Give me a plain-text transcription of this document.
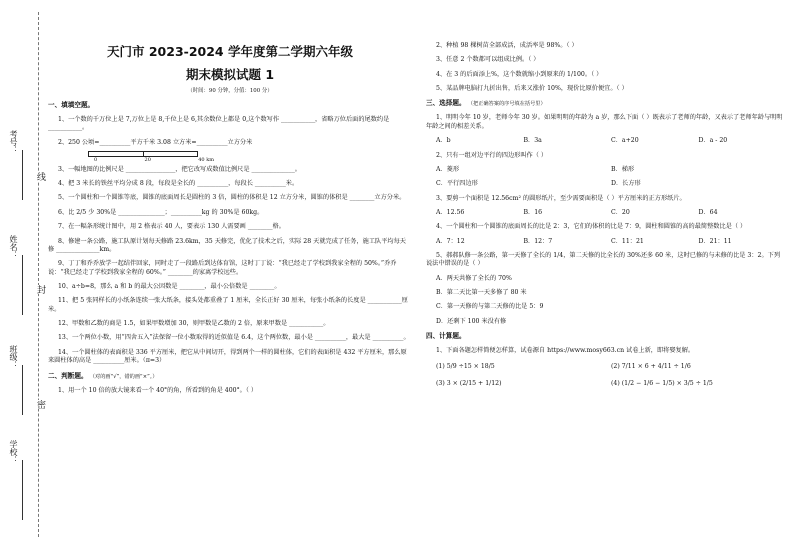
考号：
姓名：
班级：
学校：
线
封
密
天门市 2023-2024 学年度第二学期六年级
期末模拟试题 1
（时间：90 分钟，分值：100 分）
一、填填空题。
1、一个数的千万位上是 7,万位上是 8,千位上是 6,其余数位上都是 0,这个数写作 ___________，省略万位后面的尾数约是 ___________。
2、250 公顷=__________平方千米 3.08 立方米=__________立方分米
0	20	40 km
3、一幅地图的比例尺是 ________________，把它改写成数值比例尺是 ______________。
4、把 3 米长的铁丝平均分成 8 段，每段是全长的 __________，每段长 __________米。
5、一个圆柱和一个圆锥等底，圆锥的底面周长是圆柱的 3 倍，圆柱的体积是 12 立方分米，圆锥的体积是 ________立方分米。
6、比 2/5 少 30%是 _______________；__________kg 的 30%是 60kg。
7、在一幅条形统计图中，用 2 格表示 40 人，要表示 130 人需要画 ________格。
8、修建一条公路，施工队原计划每天修路 23.6km，35 天修完，优化了技术之后，实际 28 天就完成了任务，施工队平均每天修 ______________km。
9、丁丁和乔乔放学一起结伴回家，同时走了一段路后到达体育馆，这时丁丁说：“我已经走了学校到我家全程的 50%。”乔乔说：“我已经走了学校到我家全程的 60%。” ________的家离学校远些。
10、a÷b=8，那么 a 和 b 的最大公因数是 ________，最小公倍数是 ________。
11、把 5 张同样长的小纸条连续一张大纸条，接头处都重叠了 1 厘米，全长正好 30 厘米，每张小纸条的长度是 ___________厘米。
12、甲数和乙数的商是 1.5，如果甲数增加 30，则甲数是乙数的 2 倍，原来甲数是 ___________。
13、一个两位小数，用“四舍五入”法保留一位小数取得的近似值是 6.4，这个两位数，最小是 __________，最大是 __________。
14、一个圆柱体的表面积是 336 平方厘米，把它从中间切开，得到两个一样的圆柱体，它们的表面积是 432 平方厘米，那么原来圆柱体的高是 __________厘米。（π=3）
二、判断题。 （对的画“√”，错的画“×”。）
1、用一个 10 倍的放大镜来看一个 40°的角，所看到的角是 400°。（ ）
2、种植 98 棵树苗全部成活，成活率是 98%。（ ）
3、任意 2 个数都可以组成比例。（ ）
4、在 3 的后面添上%，这个数就缩小到原来的 1/100。（ ）
5、某品牌电脑打九折出售，后来又涨价 10%，现价比原价便宜。（ ）
三、选择题。 （把正确答案的序号填在括号里）
1、明明今年 10 岁，老师今年 30 岁。如果明明的年龄为 a 岁，那么下面（ ）既表示了老师的年龄，又表示了老师年龄与明明年龄之间的相差关系。
A．b	B．3a	C．a+20	D．a - 20
2、只有一组对边平行的四边形叫作（ ）
A．菱形	B．梯形
C．平行四边形	D．长方形
3、要剪一个面积是 12.56cm² 的圆形纸片，至少需要面积是（ ）平方厘米的正方形纸片。
A．12.56	B．16	C．20	D．64
4、一个圆柱和一个圆锥的底面周长的比是 2：3，它们的体积的比是 7：9，圆柱和圆锥的高的最简整数比是（ ）
A．7：12	B．12：7	C．11：21	D．21：11
5、郝郝队修一条公路，第一天修了全长的 1/4，第二天修的比全长的 30%还多 60 米，这时已修的与未修的比是 3：2。下列说法中错误的是（ ）
A．两天共修了全长的 70%
B．第二天比第一天多修了 80 米
C．第一天修的与第二天修的比是 5：9
D．还剩下 100 米没有修
四、计算题。
1、下面各题怎样简便怎样算，试卷源自 https://www.mosy663.cn 试卷上新，即将娶复解。
(1) 5/9 ÷15 × 18/5	(2) 7/11 × 6 + 4/11 ÷ 1/6
(3) 3 × (2/15 + 1/12)	(4) (1/2 − 1/6 − 1/5) × 3/5 ÷ 1/5
